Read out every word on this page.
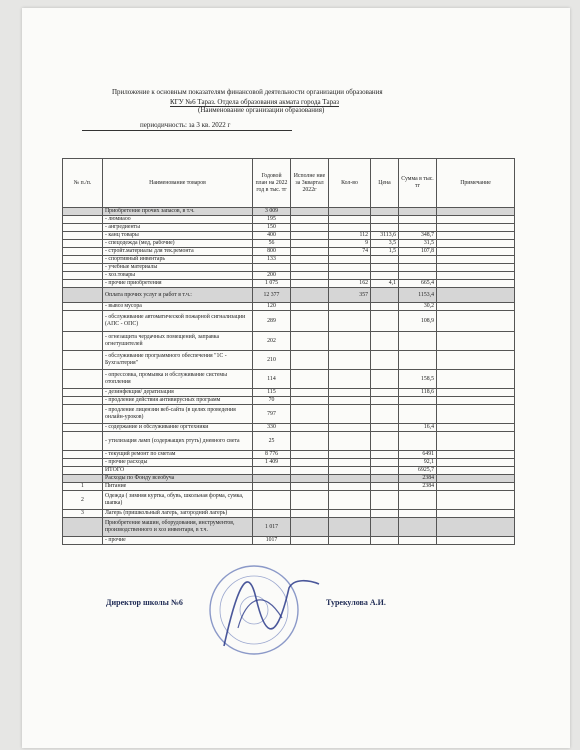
Приложение к основным показателям финансовой деятельности организации образования
КГУ №6 Тараз. Отдела образования акмата города Тараз
(Наименование организации образования)
периодичность: за 3 кв. 2022 г
№ п./п.	Наименование товаров	Годовой план на 2022 год в тыс. тг	Исполне ние за 3квартал 2022г	Кол-во	Цена	Сумма в тыс. тг	Примечание
	Приобретение прочих запасов, в т.ч.	3 009					
	- люмиаоо	195					
	- ангредиенты	150					
	- канц товары	400		112	3113,6	348,7	
	- спецодежда (мед, рабочие)	56		9	3,5	31,5	
	- стройт.материалы для тек.ремонта	800		74	1,5	107,8	
	- спортивный инвентарь	133					
	- учебные материалы						
	- хоз.товары	200					
	- прочие приобретения	1 075		162	4,1	665,4	
	Оплата прочих услуг и работ в т.ч.:	12 377		357		1153,4	
	- вывоз мусора	120				30,2	
	- обслуживание автоматической пожарной сигнализации (АПС - ОПС)	289				108,9	
	- огнезащита чердачных помещений, заправка огнетушителей	202					
	- обслуживание программного обеспечения "1С - Бухгалтерия"	210					
	- опрессовка, промывка и обслуживание системы отопления	114				158,5	
	- дезинфекция/ дератизация	115				118,6	
	- продление действия антивирусных программ	70					
	- продление лицензии веб-сайта (в целях проведения онлайн-уроков)	797					
	- содержание и обслуживание оргтехники	330				16,4	
	- утилизация ламп (содержащих ртуть) дневного света	25					
	- текущий ремонт по сметам	8 776				6491	
	- прочие расходы	1 409				92,1	
	ИТОГО					6925,7	
	Расходы по Фонду всеобуча					2384	
1	Питание					2384	
2	Одежда ( зимняя куртка, обувь, школьная форма, сумка, шапка)						
3	Лагерь (пришкольный лагерь, загородний лагерь)						
	Приобретение машин, оборудования, инструментов, производственного и хоз инвентаря, в т.ч.	1 017					
	- прочие	1017					
Директор школы №6	Турекулова А.И.
